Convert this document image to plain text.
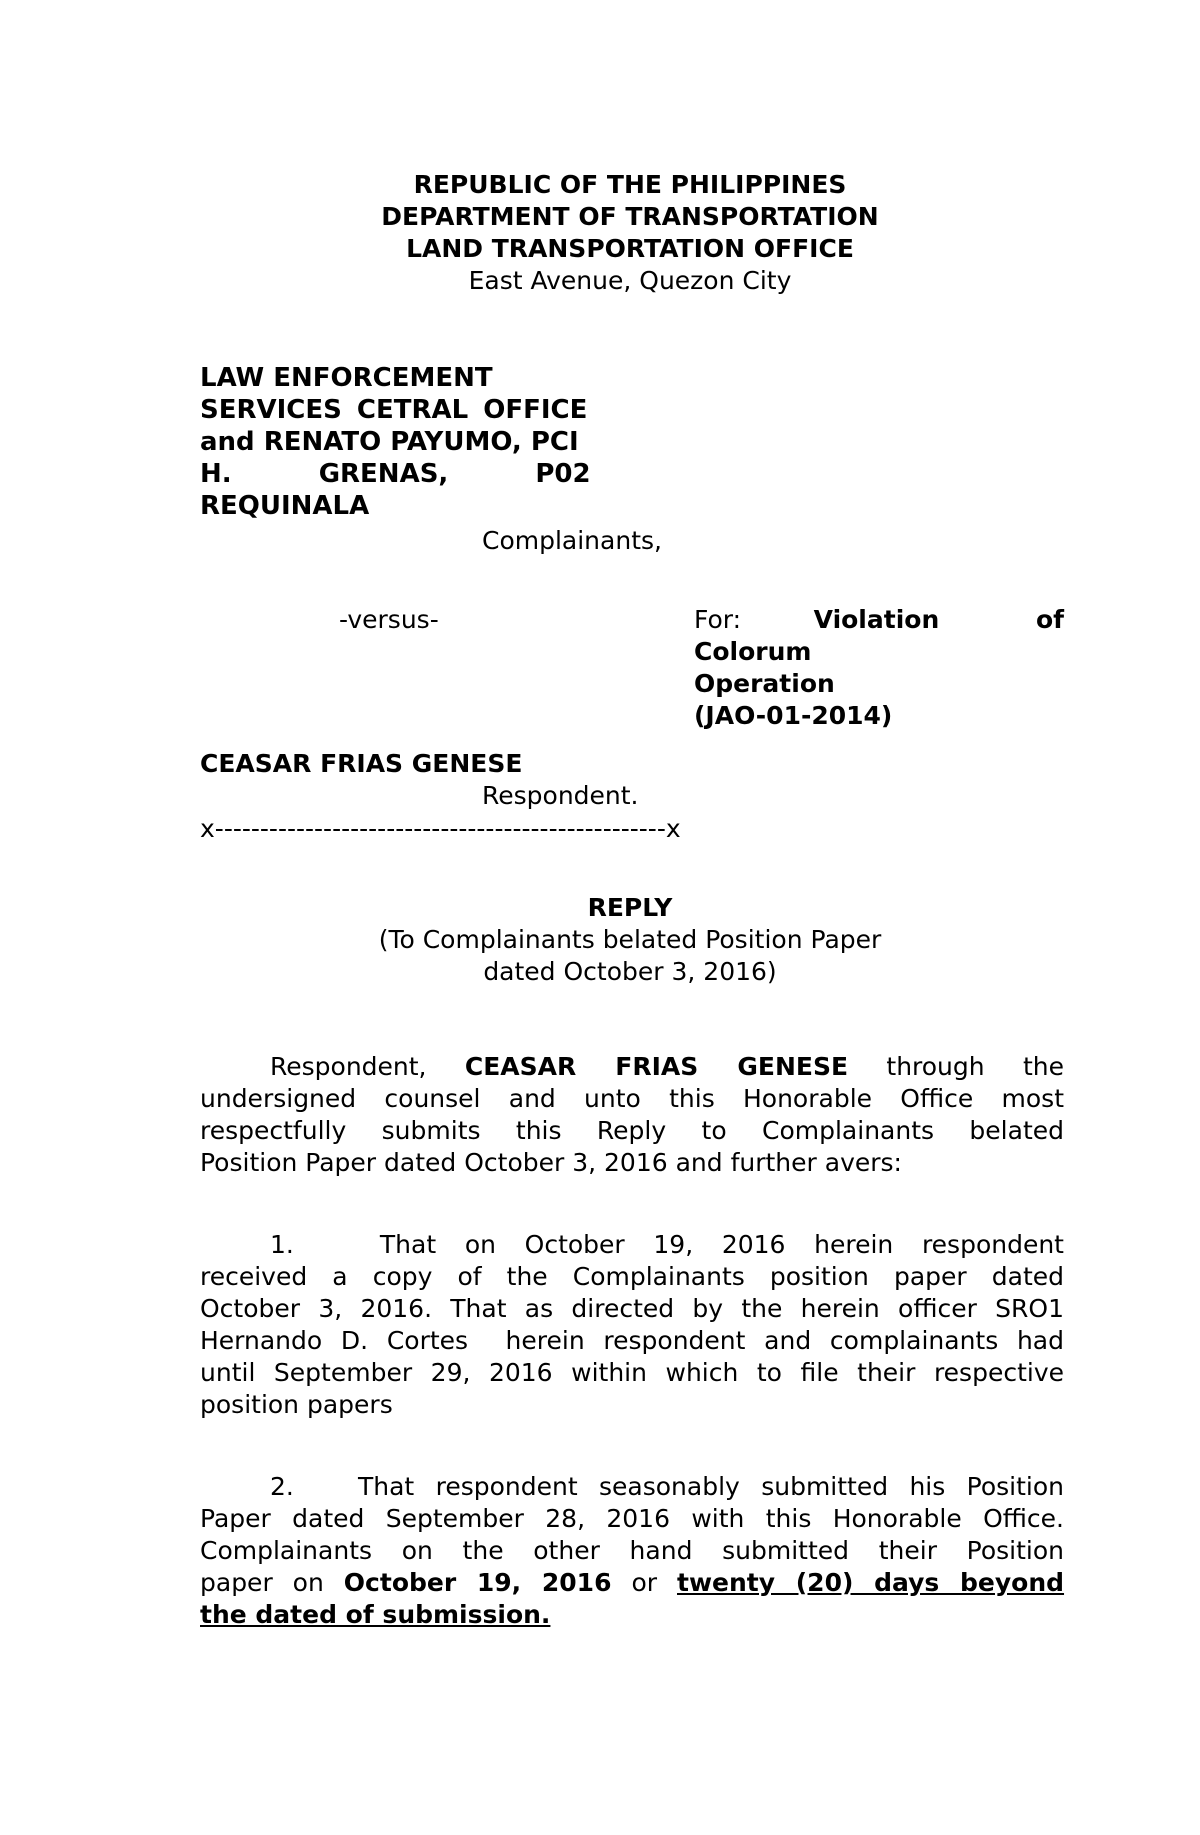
REPUBLIC OF THE PHILIPPINES
DEPARTMENT OF TRANSPORTATION
LAND TRANSPORTATION OFFICE
East Avenue, Quezon City
LAW ENFORCEMENT
SERVICES CETRAL OFFICE
and RENATO PAYUMO, PCI
H. GRENAS, P02
REQUINALA
Complainants,
-versus-	For:	Violation of
Colorum Operation
(JAO-01-2014)
CEASAR FRIAS GENESE
Respondent.
x--------------------------------------------------x
REPLY
(To Complainants belated Position Paper
dated October 3, 2016)
Respondent, CEASAR FRIAS GENESE through the
undersigned counsel and unto this Honorable Office most
respectfully submits this Reply to Complainants belated
Position Paper dated October 3, 2016 and further avers:
1.   That on October 19, 2016 herein respondent
received a copy of the Complainants position paper dated
October 3, 2016. That as directed by the herein officer SRO1
Hernando D. Cortes  herein respondent and complainants had
until September 29, 2016 within which to file their respective
position papers
2.   That respondent seasonably submitted his Position
Paper dated September 28, 2016 with this Honorable Office.
Complainants on the other hand submitted their Position
paper on October 19, 2016 or twenty (20) days beyond
the dated of submission.
